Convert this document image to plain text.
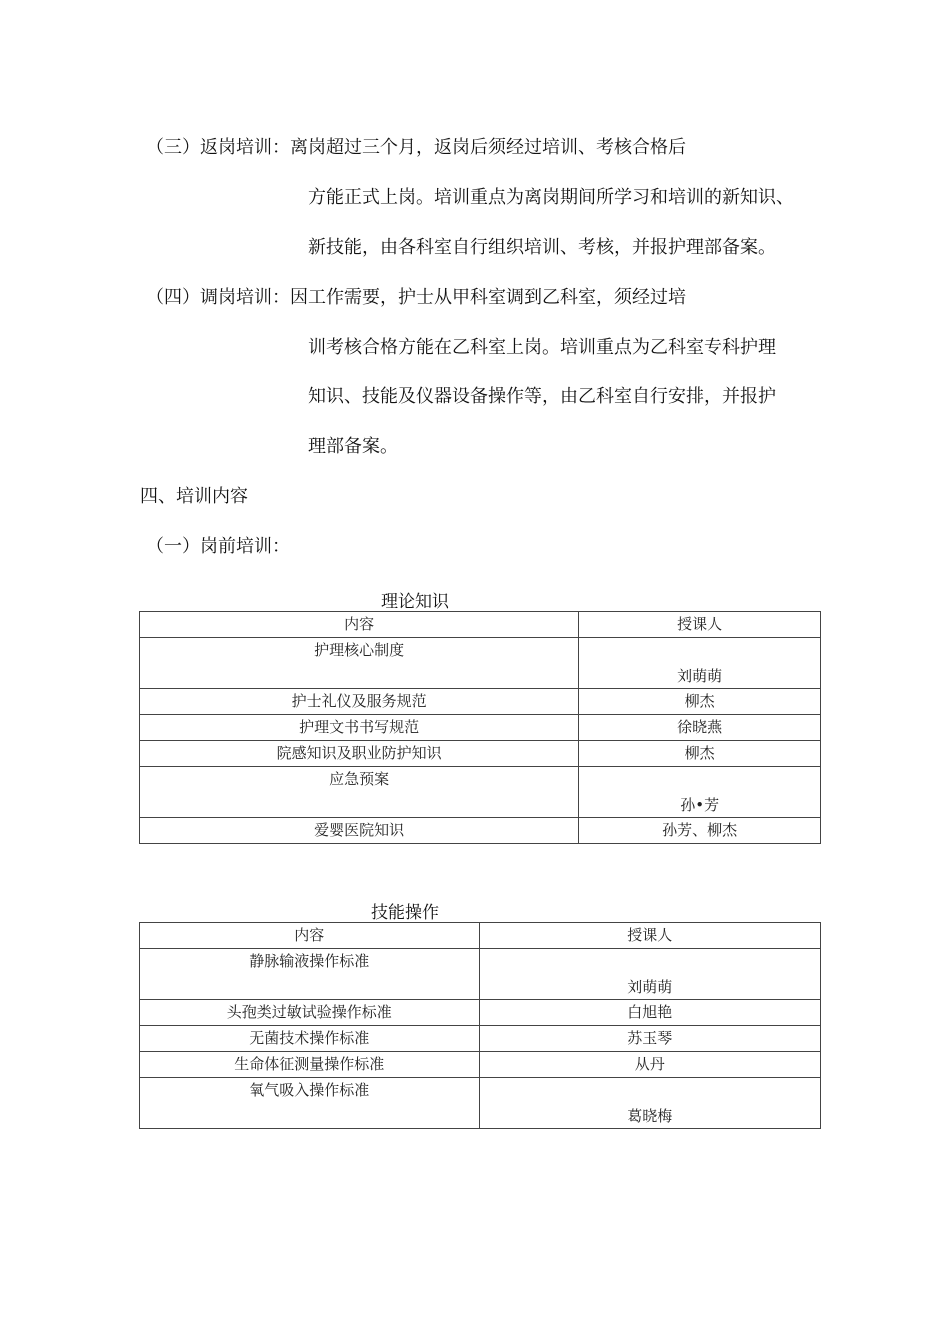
（三）返岗培训：离岗超过三个月，返岗后须经过培训、考核合格后
方能正式上岗。培训重点为离岗期间所学习和培训的新知识、
新技能，由各科室自行组织培训、考核，并报护理部备案。
（四）调岗培训：因工作需要，护士从甲科室调到乙科室，须经过培
训考核合格方能在乙科室上岗。培训重点为乙科室专科护理
知识、技能及仪器设备操作等，由乙科室自行安排，并报护
理部备案。
四、培训内容
（一）岗前培训：
理论知识
内容	授课人
护理核心制度	刘萌萌
护士礼仪及服务规范	柳杰
护理文书书写规范	徐晓燕
院感知识及职业防护知识	柳杰
应急预案	孙•芳
爱婴医院知识	孙芳、柳杰
技能操作
内容	授课人
静脉输液操作标准	刘萌萌
头孢类过敏试验操作标准	白旭艳
无菌技术操作标准	苏玉琴
生命体征测量操作标准	从丹
氧气吸入操作标准	葛晓梅
